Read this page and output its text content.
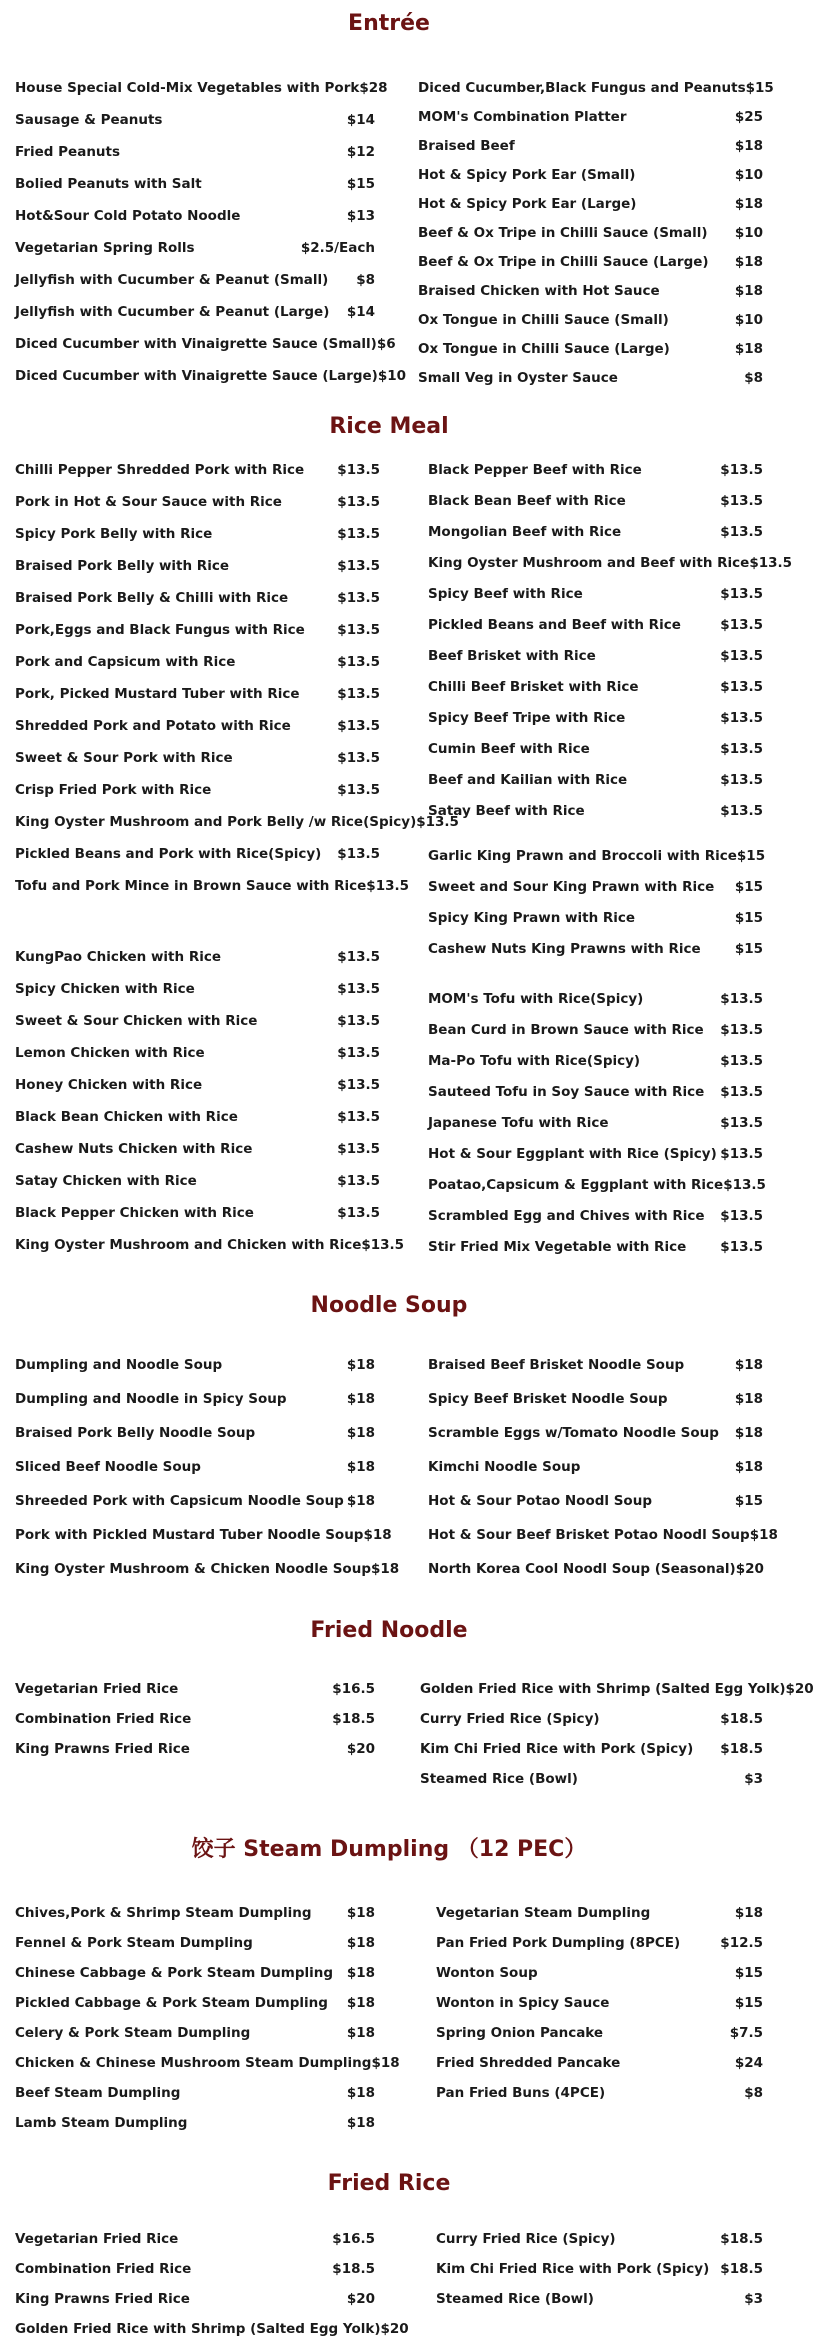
Entrée
House Special Cold-Mix Vegetables with Pork $28
Sausage & Peanuts	$14
Fried Peanuts	$12
Bolied Peanuts with Salt	$15
Hot&Sour Cold Potato Noodle	$13
Vegetarian Spring Rolls	$2.5/Each
Jellyfish with Cucumber & Peanut (Small) $8
Jellyfish with Cucumber & Peanut (Large) $14
Diced Cucumber with Vinaigrette Sauce (Small) $6
Diced Cucumber with Vinaigrette Sauce (Large) $10
Diced Cucumber,Black Fungus and Peanuts $15
MOM's Combination Platter	$25
Braised Beef	$18
Hot & Spicy Pork Ear (Small)	$10
Hot & Spicy Pork Ear (Large)	$18
Beef & Ox Tripe in Chilli Sauce (Small) $10
Beef & Ox Tripe in Chilli Sauce (Large) $18
Braised Chicken with Hot Sauce	$18
Ox Tongue in Chilli Sauce (Small)	$10
Ox Tongue in Chilli Sauce (Large)	$18
Small Veg in Oyster Sauce	$8
Rice Meal
Chilli Pepper Shredded Pork with Rice $13.5
Pork in Hot & Sour Sauce with Rice	$13.5
Spicy Pork Belly with Rice	$13.5
Braised Pork Belly with Rice	$13.5
Braised Pork Belly & Chilli with Rice	$13.5
Pork,Eggs and Black Fungus with Rice $13.5
Pork and Capsicum with Rice	$13.5
Pork, Picked Mustard Tuber with Rice	$13.5
Shredded Pork and Potato with Rice	$13.5
Sweet & Sour Pork with Rice	$13.5
Crisp Fried Pork with Rice	$13.5
King Oyster Mushroom and Pork Belly /w Rice(Spicy) $13.5
Pickled Beans and Pork with Rice(Spicy) $13.5
Tofu and Pork Mince in Brown Sauce with Rice $13.5
KungPao Chicken with Rice	$13.5
Spicy Chicken with Rice	$13.5
Sweet & Sour Chicken with Rice	$13.5
Lemon Chicken with Rice	$13.5
Honey Chicken with Rice	$13.5
Black Bean Chicken with Rice	$13.5
Cashew Nuts Chicken with Rice	$13.5
Satay Chicken with Rice	$13.5
Black Pepper Chicken with Rice	$13.5
King Oyster Mushroom and Chicken with Rice $13.5
Black Pepper Beef with Rice	$13.5
Black Bean Beef with Rice	$13.5
Mongolian Beef with Rice	$13.5
King Oyster Mushroom and Beef with Rice $13.5
Spicy Beef with Rice	$13.5
Pickled Beans and Beef with Rice	$13.5
Beef Brisket with Rice	$13.5
Chilli Beef Brisket with Rice	$13.5
Spicy Beef Tripe with Rice	$13.5
Cumin Beef with Rice	$13.5
Beef and Kailian with Rice	$13.5
Satay Beef with Rice	$13.5
Garlic King Prawn and Broccoli with Rice $15
Sweet and Sour King Prawn with Rice $15
Spicy King Prawn with Rice	$15
Cashew Nuts King Prawns with Rice	$15
MOM's Tofu with Rice(Spicy)	$13.5
Bean Curd in Brown Sauce with Rice $13.5
Ma-Po Tofu with Rice(Spicy)	$13.5
Sauteed Tofu in Soy Sauce with Rice $13.5
Japanese Tofu with Rice	$13.5
Hot & Sour Eggplant with Rice (Spicy) $13.5
Poatao,Capsicum & Eggplant with Rice $13.5
Scrambled Egg and Chives with Rice $13.5
Stir Fried Mix Vegetable with Rice	$13.5
Noodle Soup
Dumpling and Noodle Soup	$18
Dumpling and Noodle in Spicy Soup	$18
Braised Pork Belly Noodle Soup	$18
Sliced Beef Noodle Soup	$18
Shreeded Pork with Capsicum Noodle Soup $18
Pork with Pickled Mustard Tuber Noodle Soup $18
King Oyster Mushroom & Chicken Noodle Soup $18
Braised Beef Brisket Noodle Soup	$18
Spicy Beef Brisket Noodle Soup	$18
Scramble Eggs w/Tomato Noodle Soup $18
Kimchi Noodle Soup	$18
Hot & Sour Potao Noodl Soup	$15
Hot & Sour Beef Brisket Potao Noodl Soup $18
North Korea Cool Noodl Soup (Seasonal) $20
Fried Noodle
Vegetarian Fried Rice	$16.5
Combination Fried Rice	$18.5
King Prawns Fried Rice	$20
Golden Fried Rice with Shrimp (Salted Egg Yolk) $20
Curry Fried Rice (Spicy)	$18.5
Kim Chi Fried Rice with Pork (Spicy) $18.5
Steamed Rice (Bowl)	$3
饺子 Steam Dumpling （12 PEC）
Chives,Pork & Shrimp Steam Dumpling	$18
Fennel & Pork Steam Dumpling	$18
Chinese Cabbage & Pork Steam Dumpling $18
Pickled Cabbage & Pork Steam Dumpling $18
Celery & Pork Steam Dumpling	$18
Chicken & Chinese Mushroom Steam Dumpling $18
Beef Steam Dumpling	$18
Lamb Steam Dumpling	$18
Vegetarian Steam Dumpling	$18
Pan Fried Pork Dumpling (8PCE)	$12.5
Wonton Soup	$15
Wonton in Spicy Sauce	$15
Spring Onion Pancake	$7.5
Fried Shredded Pancake	$24
Pan Fried Buns (4PCE)	$8
Fried Rice
Vegetarian Fried Rice	$16.5
Combination Fried Rice	$18.5
King Prawns Fried Rice	$20
Golden Fried Rice with Shrimp (Salted Egg Yolk) $20
Curry Fried Rice (Spicy)	$18.5
Kim Chi Fried Rice with Pork (Spicy) $18.5
Steamed Rice (Bowl)	$3
